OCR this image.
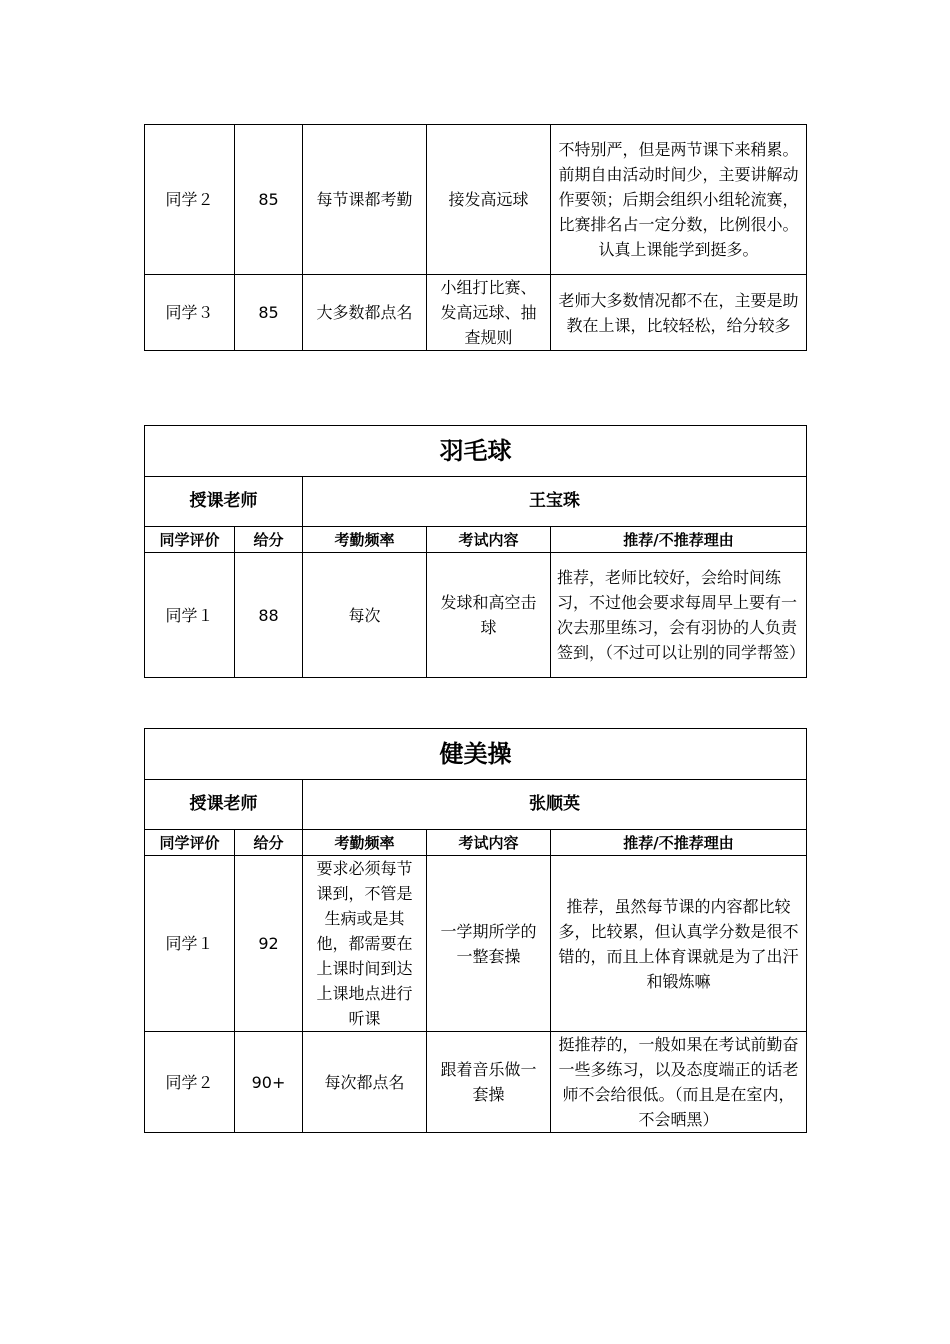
同学２	85	每节课都考勤	接发高远球	不特别严，但是两节课下来稍累。前期自由活动时间少，主要讲解动作要领；后期会组织小组轮流赛，比赛排名占一定分数，比例很小。认真上课能学到挺多。
同学３	85	大多数都点名	小组打比赛、发高远球、抽查规则	老师大多数情况都不在，主要是助教在上课，比较轻松，给分较多
羽毛球				
授课老师		王宝珠		
同学评价	给分	考勤频率	考试内容	推荐/不推荐理由
同学１	88	每次	发球和高空击球	推荐，老师比较好，会给时间练习，不过他会要求每周早上要有一次去那里练习，会有羽协的人负责签到，（不过可以让别的同学帮签）
健美操				
授课老师		张顺英		
同学评价	给分	考勤频率	考试内容	推荐/不推荐理由
同学１	92	要求必须每节课到，不管是生病或是其他，都需要在上课时间到达上课地点进行听课	一学期所学的一整套操	推荐，虽然每节课的内容都比较多，比较累，但认真学分数是很不错的，而且上体育课就是为了出汗和锻炼嘛
同学２	90+	每次都点名	跟着音乐做一套操	挺推荐的，一般如果在考试前勤奋一些多练习，以及态度端正的话老师不会给很低。（而且是在室内，不会晒黑）
